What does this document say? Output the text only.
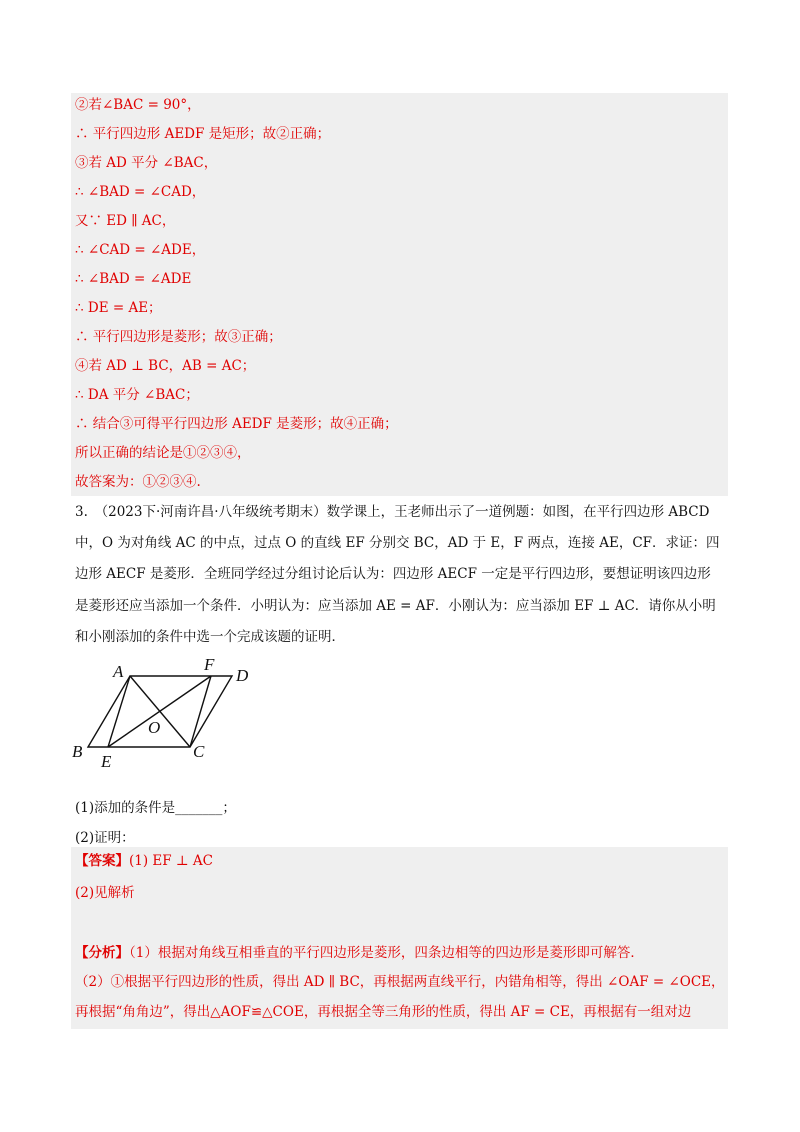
②若∠BAC = 90°，
∴ 平行四边形 AEDF 是矩形；故②正确；
③若 AD 平分 ∠BAC，
∴ ∠BAD = ∠CAD，
又∵ ED ∥ AC，
∴ ∠CAD = ∠ADE，
∴ ∠BAD = ∠ADE
∴ DE = AE；
∴ 平行四边形是菱形；故③正确；
④若 AD ⊥ BC，AB = AC；
∴ DA 平分 ∠BAC；
∴ 结合③可得平行四边形 AEDF 是菱形；故④正确；
所以正确的结论是①②③④，
故答案为：①②③④.
3.　（2023下·河南许昌·八年级统考期末）数学课上，王老师出示了一道例题：如图，在平行四边形 ABCD
中，O 为对角线 AC 的中点，过点 O 的直线 EF 分别交 BC，AD 于 E，F 两点，连接 AE，CF．求证：四
边形 AECF 是菱形．全班同学经过分组讨论后认为：四边形 AECF 一定是平行四边形，要想证明该四边形
是菱形还应当添加一个条件．小明认为：应当添加 AE = AF．小刚认为：应当添加 EF ⊥ AC．请你从小明
和小刚添加的条件中选一个完成该题的证明．
A	F
D
O
B
E
C
(1)添加的条件是_______；
(2)证明：
【答案】(1) EF ⊥ AC
(2)见解析
【分析】（1）根据对角线互相垂直的平行四边形是菱形，四条边相等的四边形是菱形即可解答．
（2）①根据平行四边形的性质，得出 AD ∥ BC，再根据两直线平行，内错角相等，得出 ∠OAF = ∠OCE，
再根据“角角边”，得出△AOF≌△COE，再根据全等三角形的性质，得出 AF = CE，再根据有一组对边
